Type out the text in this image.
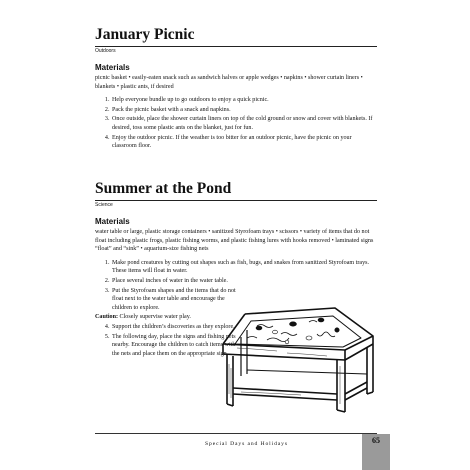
January Picnic
Outdoors
Materials
picnic basket • easily-eaten snack such as sandwich halves or apple wedges • napkins • shower curtain liners • blankets • plastic ants, if desired
1. Help everyone bundle up to go outdoors to enjoy a quick picnic.
2. Pack the picnic basket with a snack and napkins.
3. Once outside, place the shower curtain liners on top of the cold ground or snow and cover with blankets. If desired, toss some plastic ants on the blanket, just for fun.
4. Enjoy the outdoor picnic. If the weather is too bitter for an outdoor picnic, have the picnic on your classroom floor.
Summer at the Pond
Science
Materials
water table or large, plastic storage containers • sanitized Styrofoam trays • scissors • variety of items that do not float including plastic frogs, plastic fishing worms, and plastic fishing lures with hooks removed • laminated signs “float” and “sink” • aquarium-size fishing nets
1. Make pond creatures by cutting out shapes such as fish, bugs, and snakes from sanitized Styrofoam trays. These items will float in water.
2. Place several inches of water in the water table.
3. Put the Styrofoam shapes and the items that do not float next to the water table and encourage the children to explore.
Caution: Closely supervise water play.
4. Support the children’s discoveries as they explore.
5. The following day, place the signs and fishing nets nearby. Encourage the children to catch items with the nets and place them on the appropriate sign.
Special Days and Holidays	65
